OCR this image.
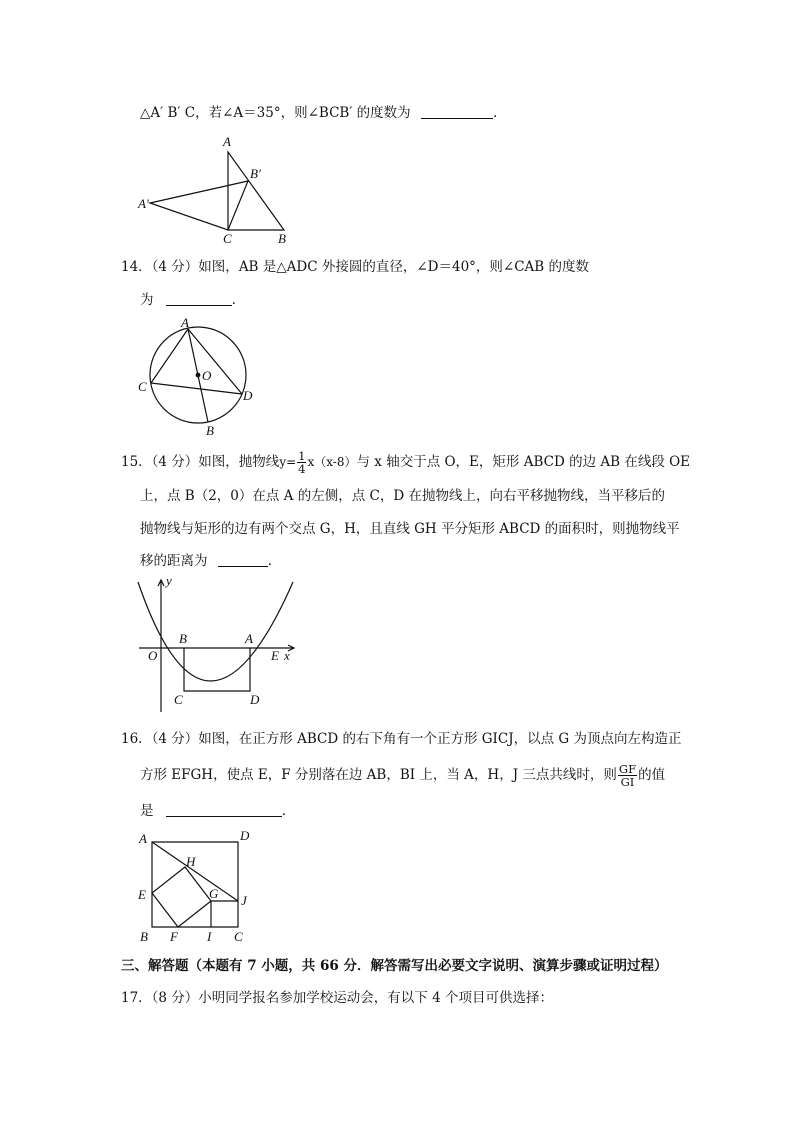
△A′ B′ C，若∠A＝35°，则∠BCB′ 的度数为	．
A
B′
A′
C	B
14．（4 分）如图，AB 是△ADC 外接圆的直径，∠D＝40°，则∠CAB 的度数
为	．
A
O
C
D
B
15．（4 分）如图，抛物线$y= \frac{1}{4} x(x-8)$与 x 轴交于点 O，E，矩形 ABCD 的边 AB 在线段 OE
上，点 B（2，0）在点 A 的左侧，点 C，D 在抛物线上，向右平移抛物线，当平移后的
抛物线与矩形的边有两个交点 G，H，且直线 GH 平分矩形 ABCD 的面积时，则抛物线平
移的距离为	．
y
x
O
B	A
E
C	D
16．（4 分）如图，在正方形 ABCD 的右下角有一个正方形 GICJ，以点 G 为顶点向左构造正
方形 EFGH，使点 E，F 分别落在边 AB，BI 上，当 A，H，J 三点共线时，则 $\frac{GF}{GI}$ 的值
是	．
A	D
H
E	G J
B F I C
三、解答题（本题有 7 小题，共 66 分．解答需写出必要文字说明、演算步骤或证明过程）
17．（8 分）小明同学报名参加学校运动会，有以下 4 个项目可供选择：
